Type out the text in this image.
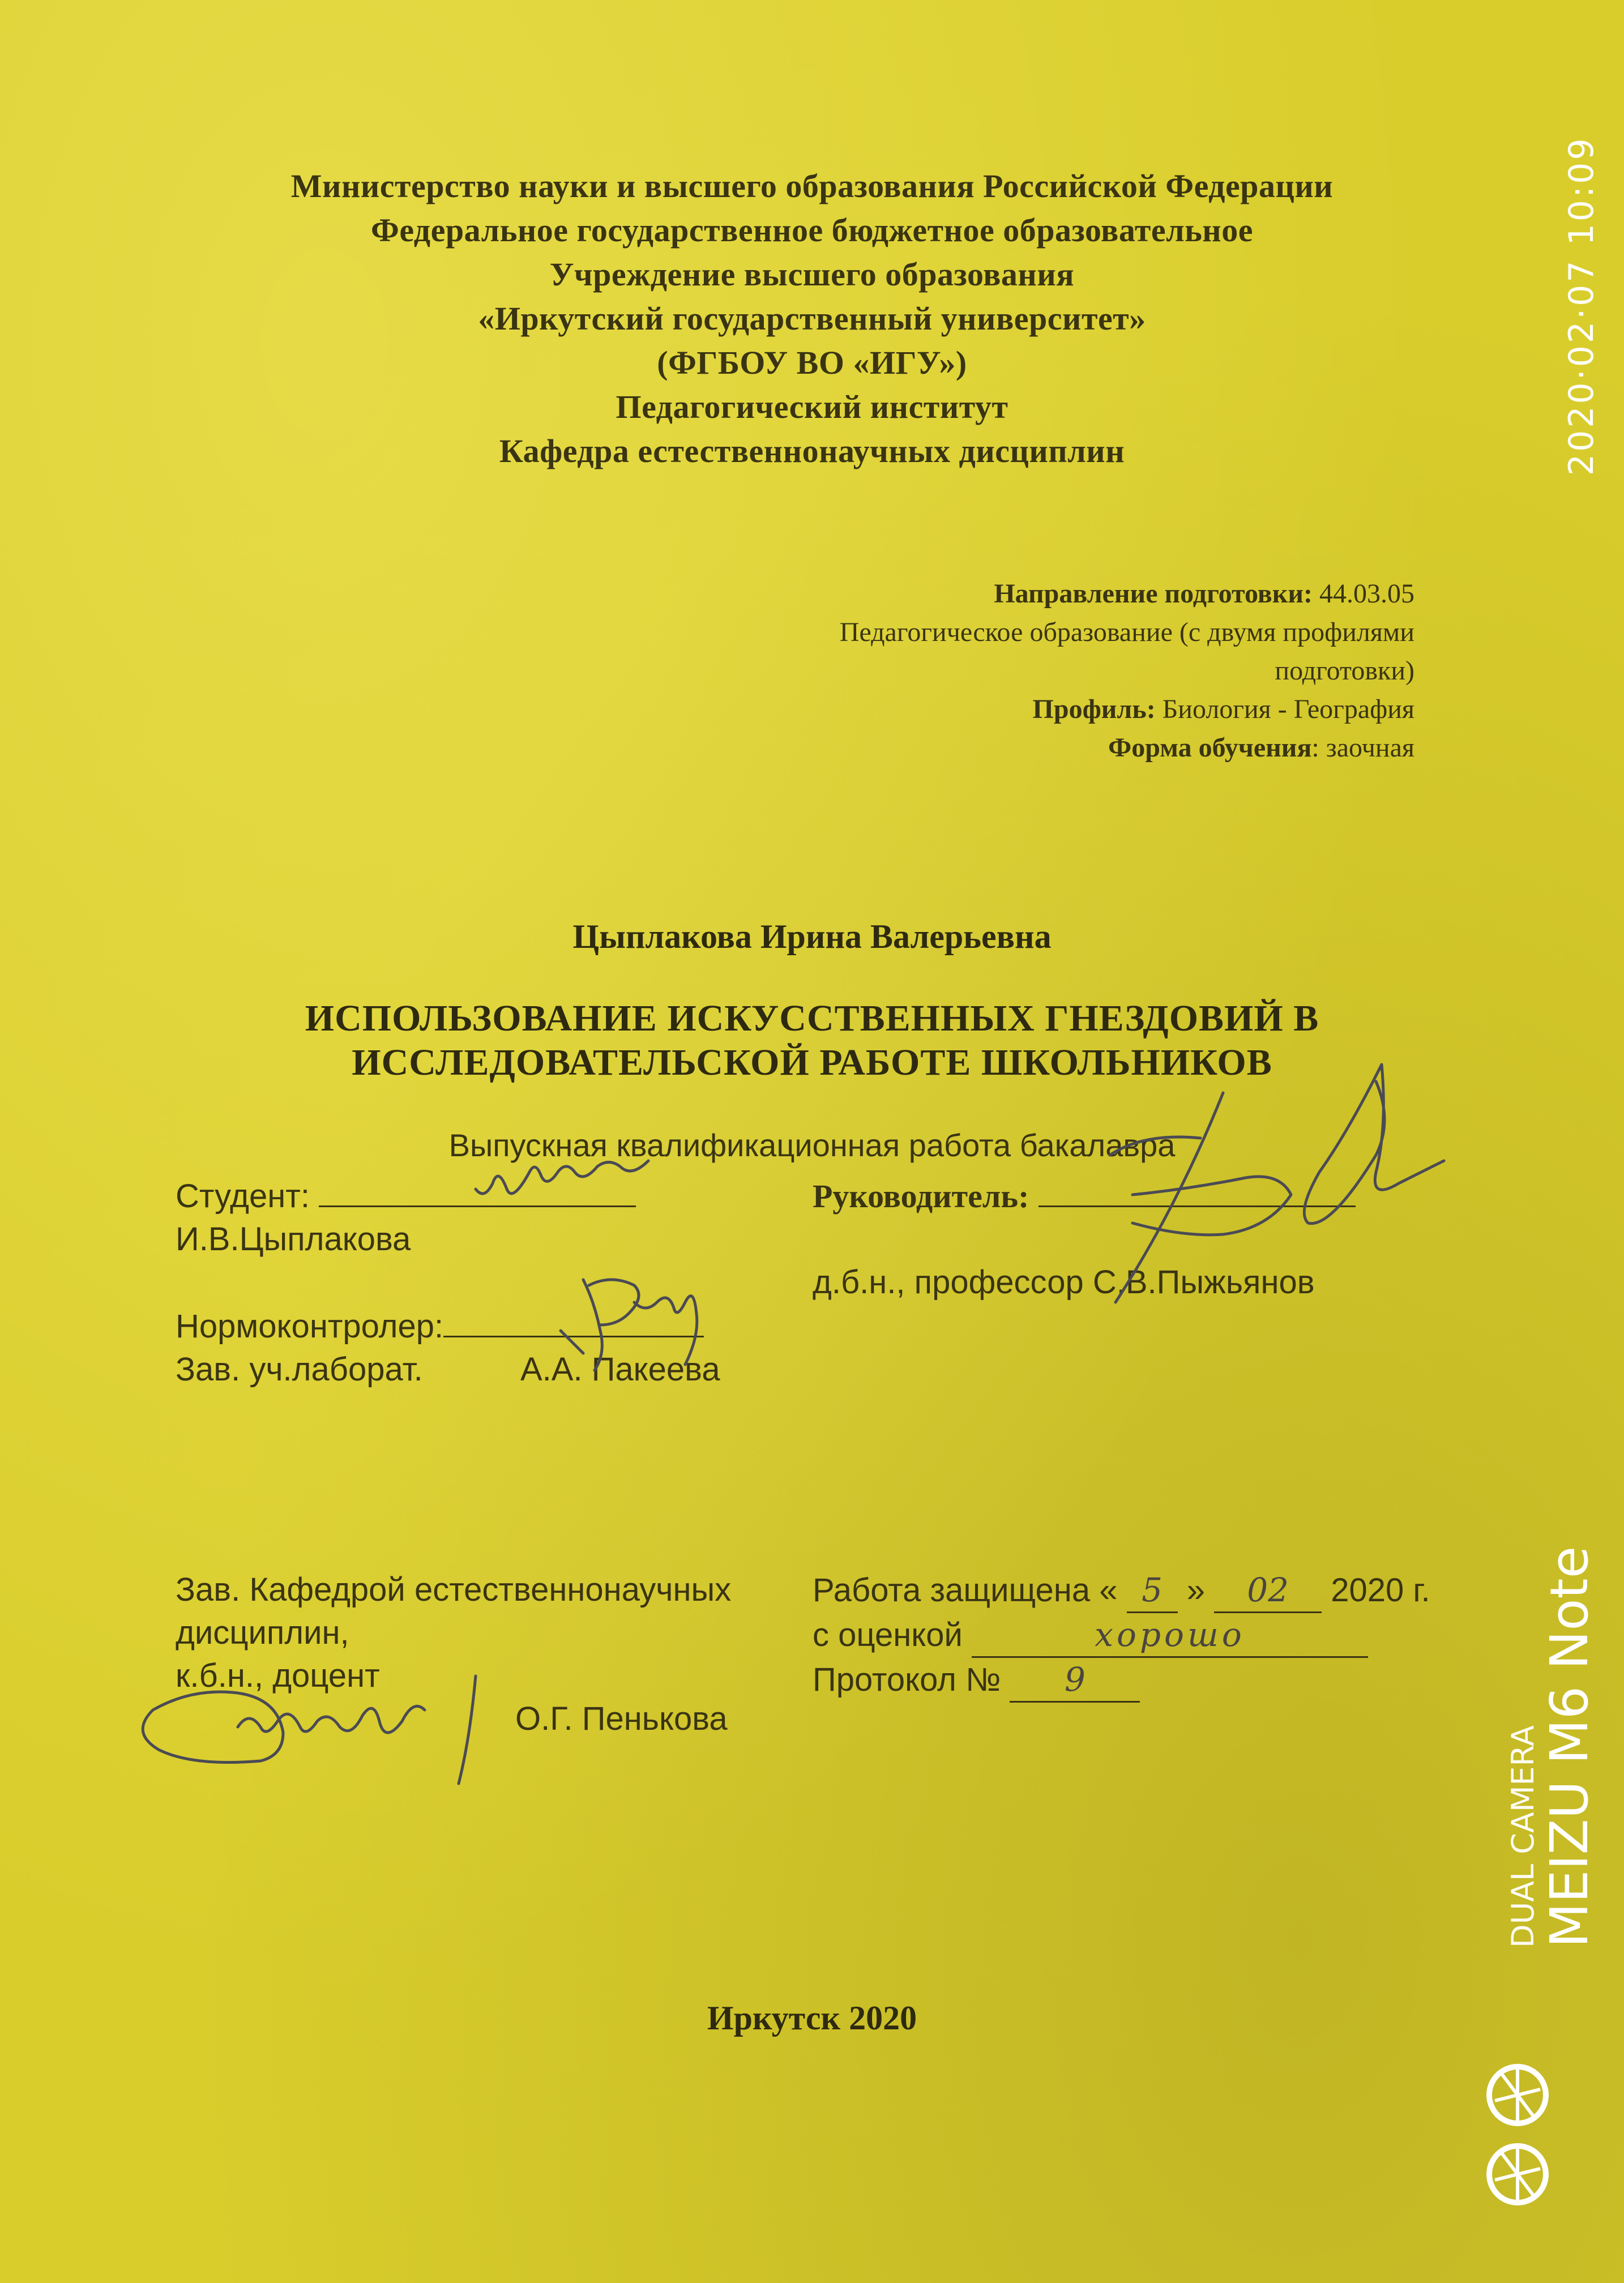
Министерство науки и высшего образования Российской Федерации
Федеральное государственное бюджетное образовательное
Учреждение высшего образования
«Иркутский государственный университет»
(ФГБОУ ВО «ИГУ»)
Педагогический институт
Кафедра естественнонаучных дисциплин
Направление подготовки: 44.03.05
Педагогическое образование (с двумя профилями
подготовки)
Профиль: Биология - География
Форма обучения: заочная
Цыплакова Ирина Валерьевна
ИСПОЛЬЗОВАНИЕ ИСКУССТВЕННЫХ ГНЕЗДОВИЙ В
ИССЛЕДОВАТЕЛЬСКОЙ РАБОТЕ ШКОЛЬНИКОВ
Выпускная квалификационная работа бакалавра
Студент:
И.В.Цыплакова
Руководитель:
д.б.н., профессор С.В.Пыжьянов
Нормоконтролер:
Зав. уч.лаборат.	А.А. Пакеева
Зав. Кафедрой естественнонаучных
дисциплин,
к.б.н., доцент
О.Г. Пенькова
Работа защищена « 5 » 02 2020 г.
с оценкой	хорошо
Протокол № 9
Иркутск 2020
2020·02·07 10:09
MEIZU M6 Note
DUAL CAMERA
